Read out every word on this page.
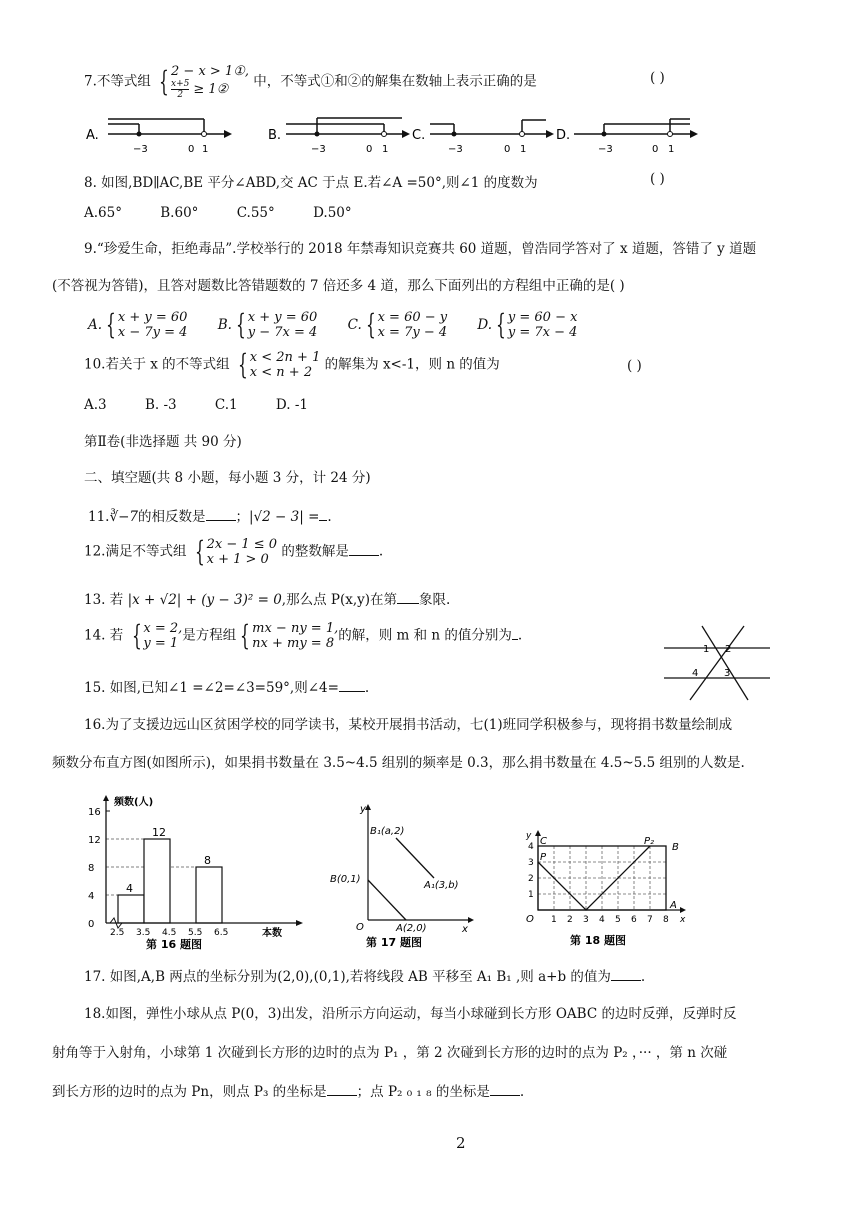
7.不等式组 { 2 − x > 1①,
$\frac{x+5}{2}$ ≥ 1② 中，不等式①和②的解集在数轴上表示正确的是	( )
A.
−3	0 1
B.
−3	0 1
C.
−3	0 1
D.
−3	0 1
8. 如图,BD∥AC,BE 平分∠ABD,交 AC 于点 E.若∠A =50°,则∠1 的度数为	( )
A.65°	B.60°	C.55°	D.50°
9.“珍爱生命，拒绝毒品”.学校举行的 2018 年禁毒知识竞赛共 60 道题，曾浩同学答对了 x 道题，答错了 y 道题
(不答视为答错)，且答对题数比答错题数的 7 倍还多 4 道，那么下面列出的方程组中正确的是( )
A. { x + y = 60
x − 7y = 4
B. { x + y = 60
y − 7x = 4
C. { x = 60 − y
x = 7y − 4
D. { y = 60 − x
y = 7x − 4
10.若关于 x 的不等式组 { x < 2n + 1
x < n + 2 的解集为 x<-1，则 n 的值为	( )
A.3	B. -3	C.1	D. -1
第Ⅱ卷(非选择题 共 90 分)
二、填空题(共 8 小题，每小题 3 分，计 24 分)
11.∛−7的相反数是 ；|√2 − 3| = .
12.满足不等式组 { 2x − 1 ≤ 0
x + 1 > 0 的整数解是 .
13. 若 |x + √2| + (y − 3)² = 0,那么点 P(x,y)在第 象限.
14. 若 { x = 2,
y = 1 是方程组 { mx − ny = 1,
nx + my = 8 的解，则 m 和 n 的值分别为 .
1 2
4	3
15. 如图,已知∠1 =∠2=∠3=59°,则∠4= .
16.为了支援边远山区贫困学校的同学读书，某校开展捐书活动，七(1)班同学积极参与，现将捐书数量绘制成
频数分布直方图(如图所示)，如果捐书数量在 3.5~4.5 组别的频率是 0.3，那么捐书数量在 4.5~5.5 组别的人数是.
0
4
8
12
16
2.5 3.5 4.5 5.5 6.5
4
12
8
频数(人)
本数
第 16 题图
y
B₁(a,2)
A₁(3,b)
B(0,1)
O	A(2,0)	x
第 17 题图
y C
P
P₂
B
O
A
x
4
3
2
1
1 2 3 4 5 6 7 8
第 18 题图
17. 如图,A,B 两点的坐标分别为(2,0),(0,1),若将线段 AB 平移至 A₁ B₁ ,则 a+b 的值为 .
18.如图，弹性小球从点 P(0，3)出发，沿所示方向运动，每当小球碰到长方形 OABC 的边时反弹，反弹时反
射角等于入射角，小球第 1 次碰到长方形的边时的点为 P₁ ，第 2 次碰到长方形的边时的点为 P₂ ，··· ，第 n 次碰
到长方形的边时的点为 Pn，则点 P₃ 的坐标是 ；点 P₂ ₀ ₁ ₈ 的坐标是 .
2
